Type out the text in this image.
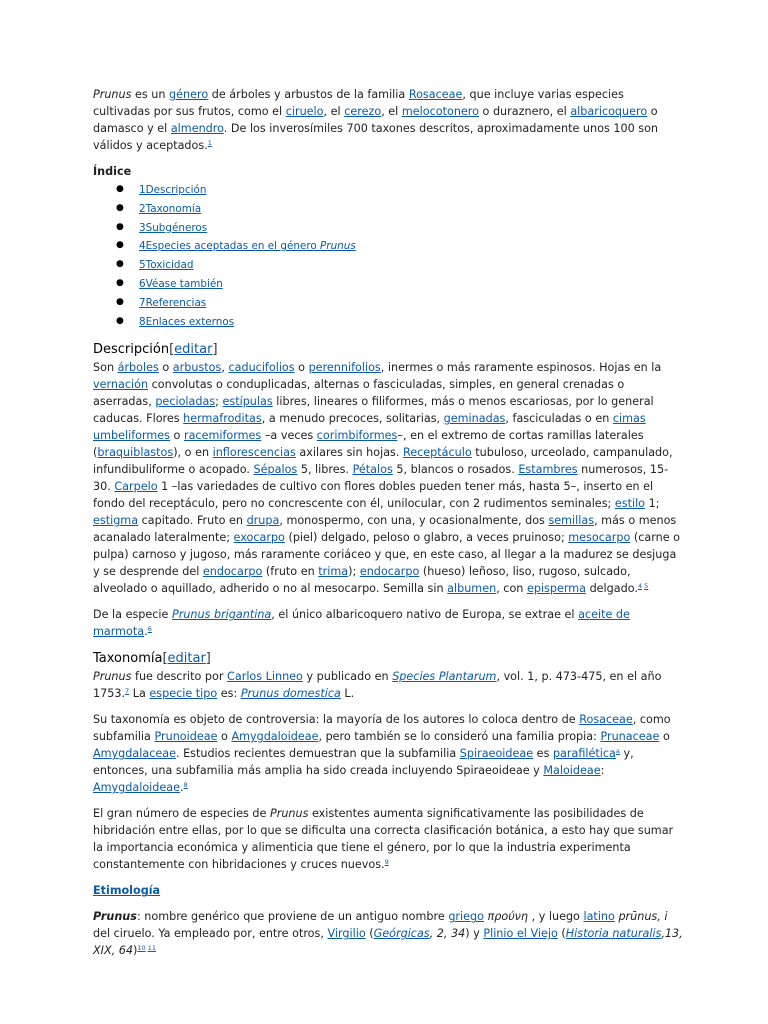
Prunus es un género de árboles y arbustos de la familia Rosaceae, que incluye varias especies cultivadas por sus frutos, como el ciruelo, el cerezo, el melocotonero o duraznero, el albaricoquero o damasco y el almendro. De los inverosímiles 700 taxones descritos, aproximadamente unos 100 son válidos y aceptados.$^1$

Índice
● 1Descripción
● 2Taxonomía
● 3Subgéneros
● 4Especies aceptadas en el género Prunus
● 5Toxicidad
● 6Véase también
● 7Referencias
● 8Enlaces externos
Descripción[editar]

Son árboles o arbustos, caducifolios o perennifolios, inermes o más raramente espinosos. Hojas en la vernación convolutas o conduplicadas, alternas o fasciculadas, simples, en general crenadas o aserradas, pecioladas; estípulas libres, lineares o filiformes, más o menos escariosas, por lo general caducas. Flores hermafroditas, a menudo precoces, solitarias, geminadas, fasciculadas o en cimas umbeliformes o racemiformes –a veces corimbiformes–, en el extremo de cortas ramillas laterales (braquiblastos), o en inflorescencias axilares sin hojas. Receptáculo tubuloso, urceolado, campanulado, infundibuliforme o acopado. Sépalos 5, libres. Pétalos 5, blancos o rosados. Estambres numerosos, 15-30. Carpelo 1 –las variedades de cultivo con flores dobles pueden tener más, hasta 5–, inserto en el fondo del receptáculo, pero no concrescente con él, unilocular, con 2 rudimentos seminales; estilo 1; estigma capitado. Fruto en drupa, monospermo, con una, y ocasionalmente, dos semillas, más o menos acanalado lateralmente; exocarpo (piel) delgado, peloso o glabro, a veces pruinoso; mesocarpo (carne o pulpa) carnoso y jugoso, más raramente coriáceo y que, en este caso, al llegar a la madurez se desjuga y se desprende del endocarpo (fruto en trima); endocarpo (hueso) leñoso, liso, rugoso, sulcado, alveolado o aquillado, adherido o no al mesocarpo. Semilla sin albumen, con episperma delgado.$^{4 5}$

De la especie Prunus brigantina, el único albaricoquero nativo de Europa, se extrae el aceite de marmota.$^6$

Taxonomía[editar]

Prunus fue descrito por Carlos Linneo y publicado en Species Plantarum, vol. 1, p. 473-475, en el año 1753.$^7$ La especie tipo es: Prunus domestica L.

Su taxonomía es objeto de controversia: la mayoría de los autores lo coloca dentro de Rosaceae, como subfamilia Prunoideae o Amygdaloideae, pero también se lo consideró una familia propia: Prunaceae o Amygdalaceae. Estudios recientes demuestran que la subfamilia Spiraeoideae es parafilética$^a$ y, entonces, una subfamilia más amplia ha sido creada incluyendo Spiraeoideae y Maloideae: Amygdaloideae.$^8$

El gran número de especies de Prunus existentes aumenta significativamente las posibilidades de hibridación entre ellas, por lo que se dificulta una correcta clasificación botánica, a esto hay que sumar la importancia económica y alimenticia que tiene el género, por lo que la industria experimenta constantemente con hibridaciones y cruces nuevos.$^9$

Etimología

Prunus: nombre genérico que proviene de un antiguo nombre griego προύνη , y luego latino prūnus, i del ciruelo. Ya empleado por, entre otros, Virgilio (Geórgicas, 2, 34) y Plinio el Viejo (Historia naturalis,13, XIX, 64)$^{10 11}$
